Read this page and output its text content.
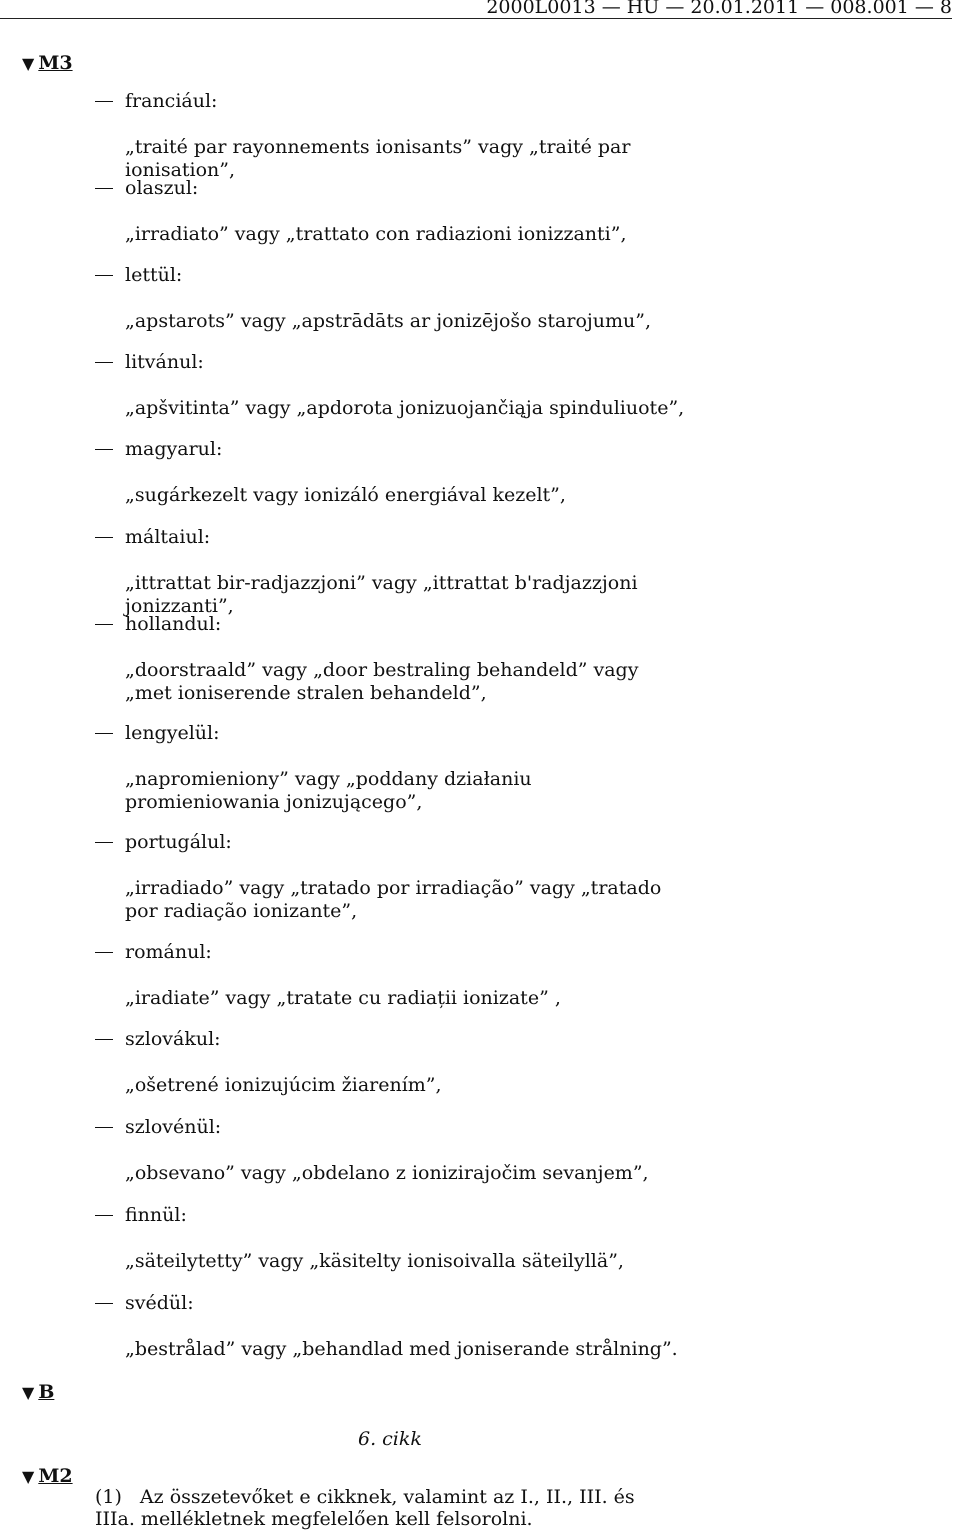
2000L0013 — HU — 20.01.2011 — 008.001 — 8
▼ M3
franciául:
„traité par rayonnements ionisants” vagy „traité par ionisation”,
olaszul:
„irradiato” vagy „trattato con radiazioni ionizzanti”,
lettül:
„apstarots” vagy „apstrādāts ar jonizējošo starojumu”,
litvánul:
„apšvitinta” vagy „apdorota jonizuojančiąja spinduliuote”,
magyarul:
„sugárkezelt vagy ionizáló energiával kezelt”,
máltaiul:
„ittrattat bir-radjazzjoni” vagy „ittrattat b'radjazzjoni jonizzanti”,
hollandul:
„doorstraald” vagy „door bestraling behandeld” vagy „met ioniserende stralen behandeld”,
lengyelül:
„napromieniony” vagy „poddany działaniu promieniowania jonizującego”,
portugálul:
„irradiado” vagy „tratado por irradiação” vagy „tratado por radiação ionizante”,
románul:
„iradiate” vagy „tratate cu radiații ionizate” ,
szlovákul:
„ošetrené ionizujúcim žiarením”,
szlovénül:
„obsevano” vagy „obdelano z ionizirajočim sevanjem”,
finnül:
„säteilytetty” vagy „käsitelty ionisoivalla säteilyllä”,
svédül:
„bestrålad” vagy „behandlad med joniserande strålning”.
▼ B
6. cikk
▼ M2
(1) Az összetevőket e cikknek, valamint az I., II., III. és IIIa. mellékletnek megfelelően kell felsorolni.
